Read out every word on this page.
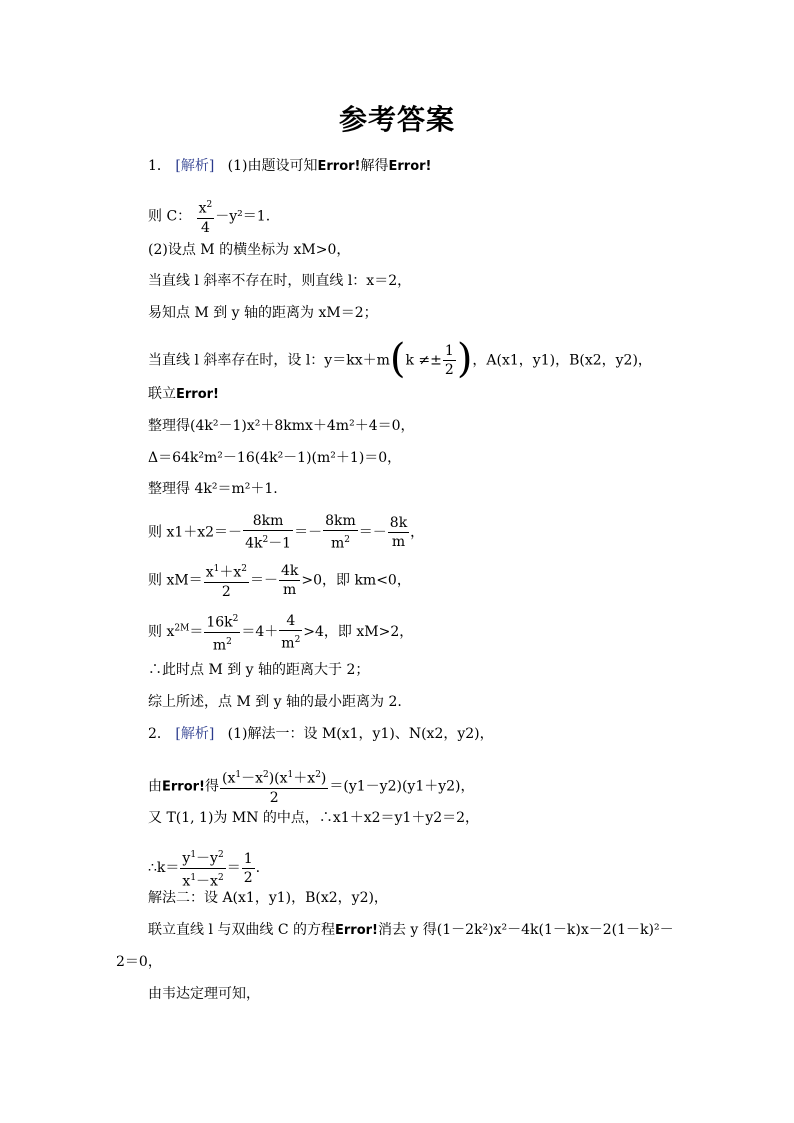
参考答案
1． [解析] (1)由题设可知Error!解得Error!
则 C： $\frac{x^2}{4} -y^2=1$.
(2)设点 M 的横坐标为 xM>0，
当直线 l 斜率不存在时，则直线 l：x＝2，
易知点 M 到 y 轴的距离为 xM＝2；
当直线 l 斜率存在时，设 l：$y=kx+m(k \ne\pm \frac{1}{2}$ )，A(x1，y1)，B(x2，y2)，
联立Error!
整理得(4k²－1)x²＋8kmx＋4m²＋4＝0，
Δ＝64k²m²－16(4k²－1)(m²＋1)＝0，
整理得 4k²＝m²＋1.
则 $x1+x2=- \frac{8km}{4k^2-1} =- \frac{8km}{m^2} =- \frac{8k}{m}$ ，
则 $xM= \frac{x^1+x^2}{2} =- \frac{4k}{m} >0$，即 km<0，
则 $x^{2M}= \frac{16k^2}{m^2} =4+ \frac{4}{m^2} >4$，即 xM>2，
∴此时点 M 到 y 轴的距离大于 2；
综上所述，点 M 到 y 轴的最小距离为 2.
2． [解析] (1)解法一：设 M(x1，y1)、N(x2，y2)，
由Error!得 $\frac{(x^1-x^2)(x^1+x^2)}{2} =(y1-y2)(y1+y2)$，
又 T(1, 1)为 MN 的中点，∴x1＋x2＝y1＋y2＝2，
∴k＝ $\frac{y^1-y^2}{x^1-x^2} = \frac{1}{2}$ .
解法二：设 A(x1，y1)，B(x2，y2)，
联立直线 l 与双曲线 C 的方程Error!消去 y 得(1－2k²)x²－4k(1－k)x－2(1－k)²－
2＝0，
由韦达定理可知，
